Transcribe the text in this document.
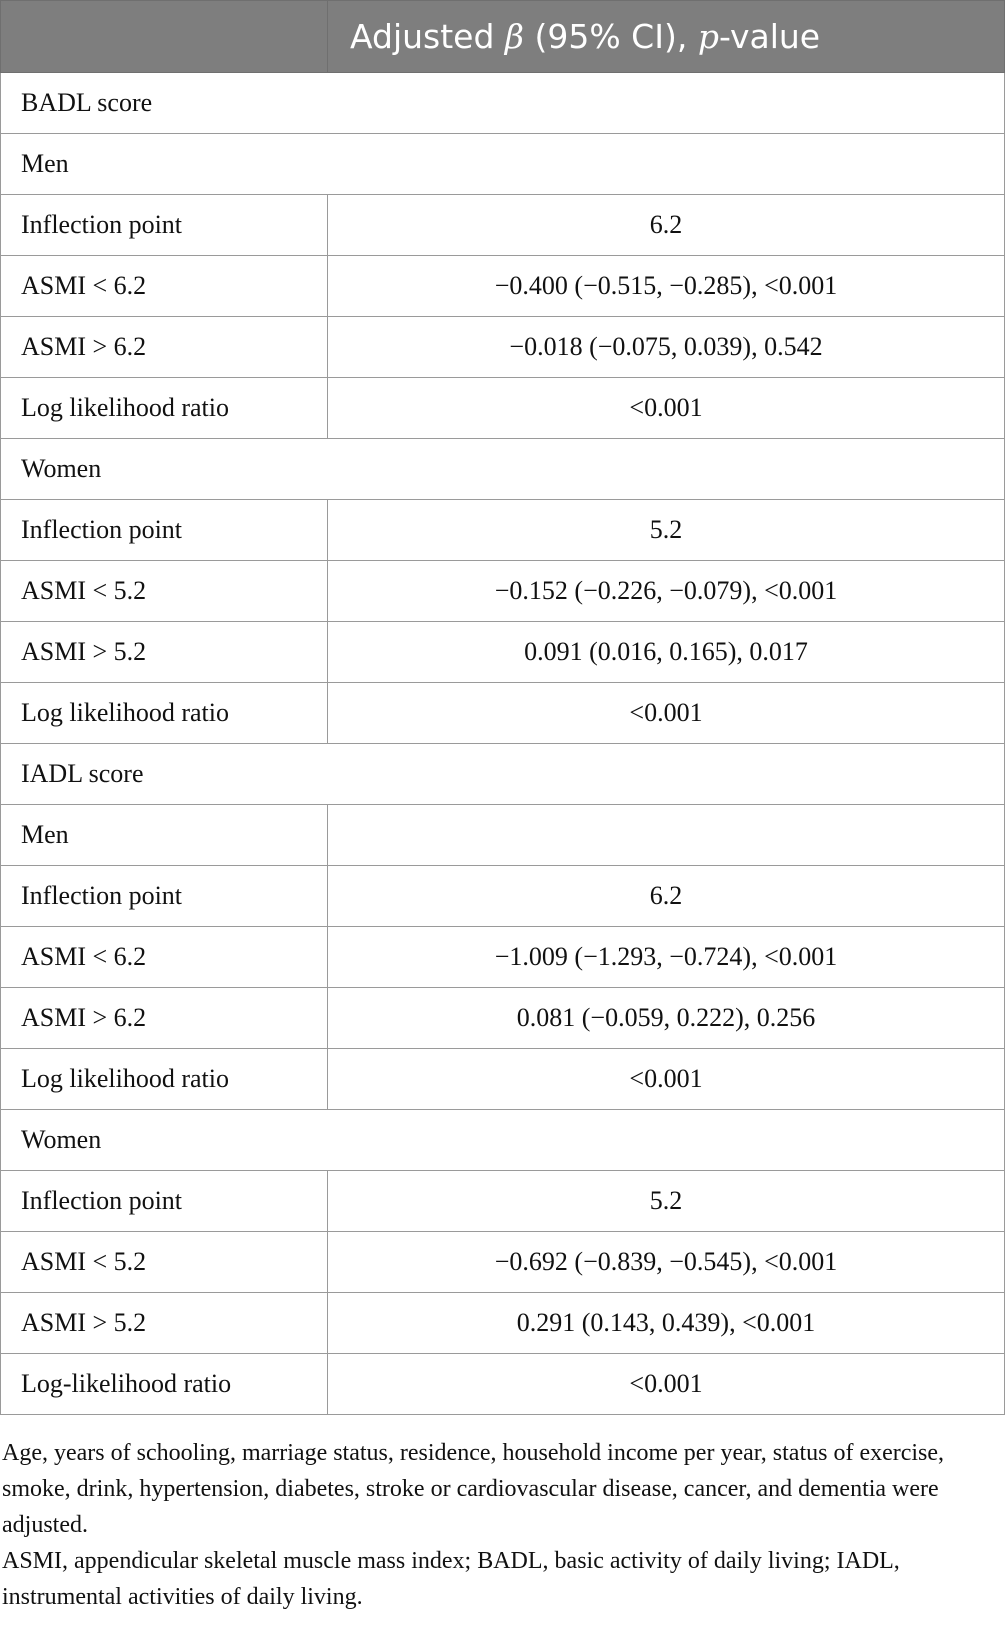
	Adjusted β (95% CI), p-value
BADL score	
Men	
Inflection point	6.2
ASMI < 6.2	−0.400 (−0.515, −0.285), <0.001
ASMI > 6.2	−0.018 (−0.075, 0.039), 0.542
Log likelihood ratio	<0.001
Women	
Inflection point	5.2
ASMI < 5.2	−0.152 (−0.226, −0.079), <0.001
ASMI > 5.2	0.091 (0.016, 0.165), 0.017
Log likelihood ratio	<0.001
IADL score	
Men	
Inflection point	6.2
ASMI < 6.2	−1.009 (−1.293, −0.724), <0.001
ASMI > 6.2	0.081 (−0.059, 0.222), 0.256
Log likelihood ratio	<0.001
Women	
Inflection point	5.2
ASMI < 5.2	−0.692 (−0.839, −0.545), <0.001
ASMI > 5.2	0.291 (0.143, 0.439), <0.001
Log-likelihood ratio	<0.001

Age, years of schooling, marriage status, residence, household income per year, status of exercise, smoke, drink, hypertension, diabetes, stroke or cardiovascular disease, cancer, and dementia were adjusted.

ASMI, appendicular skeletal muscle mass index; BADL, basic activity of daily living; IADL, instrumental activities of daily living.
